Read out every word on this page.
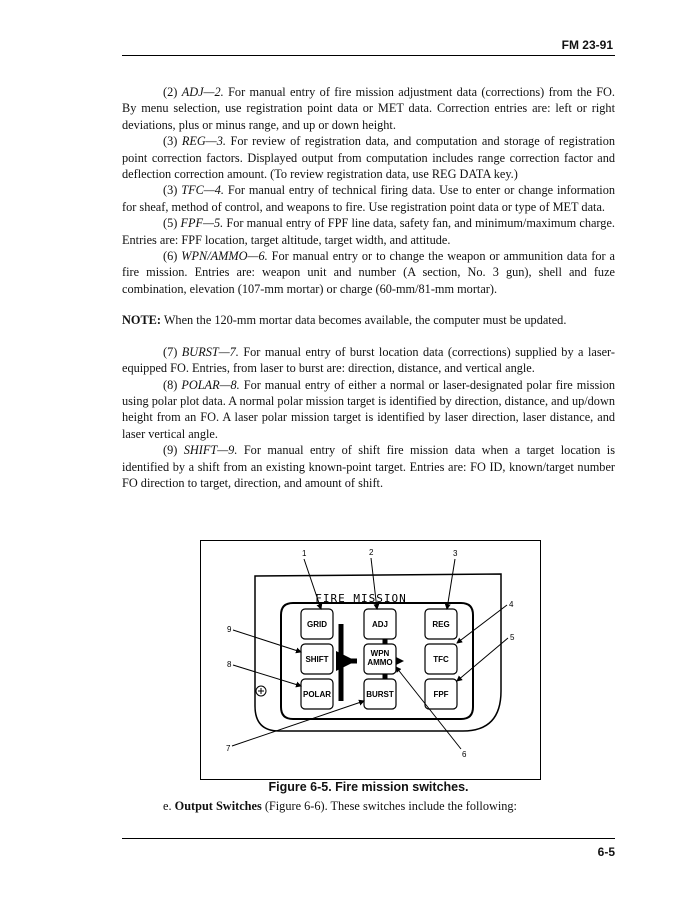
FM 23-91

(2) ADJ—2. For manual entry of fire mission adjustment data (corrections) from the FO. By menu selection, use registration point data or MET data. Correction entries are: left or right deviations, plus or minus range, and up or down height.

(3) REG—3. For review of registration data, and computation and storage of registration point correction factors. Displayed output from computation includes range correction factor and deflection correction amount. (To review registration data, use REG DATA key.)

(3) TFC—4. For manual entry of technical firing data. Use to enter or change information for sheaf, method of control, and weapons to fire. Use registration point data or type of MET data.

(5) FPF—5. For manual entry of FPF line data, safety fan, and minimum/maximum charge. Entries are: FPF location, target altitude, target width, and attitude.

(6) WPN/AMMO—6. For manual entry or to change the weapon or ammunition data for a fire mission. Entries are: weapon unit and number (A section, No. 3 gun), shell and fuze combination, elevation (107-mm mortar) or charge (60-mm/81-mm mortar).

NOTE: When the 120-mm mortar data becomes available, the computer must be updated.

(7) BURST—7. For manual entry of burst location data (corrections) supplied by a laser-equipped FO. Entries, from laser to burst are: direction, distance, and vertical angle.

(8) POLAR—8. For manual entry of either a normal or laser-designated polar fire mission using polar plot data. A normal polar mission target is identified by direction, distance, and up/down height from an FO. A laser polar mission target is identified by laser direction, laser distance, and laser vertical angle.

(9) SHIFT—9. For manual entry of shift fire mission data when a target location is identified by a shift from an existing known-point target. Entries are: FO ID, known/target number FO direction to target, direction, and amount of shift.

FIRE MISSION
GRID	ADJ	REG
SHIFT
WPN
AMMO	TFC
POLAR	BURST	FPF
1	2	3
4
5
6
7
8
9
Figure 6-5. Fire mission switches.
e. Output Switches (Figure 6-6). These switches include the following:
6-5
